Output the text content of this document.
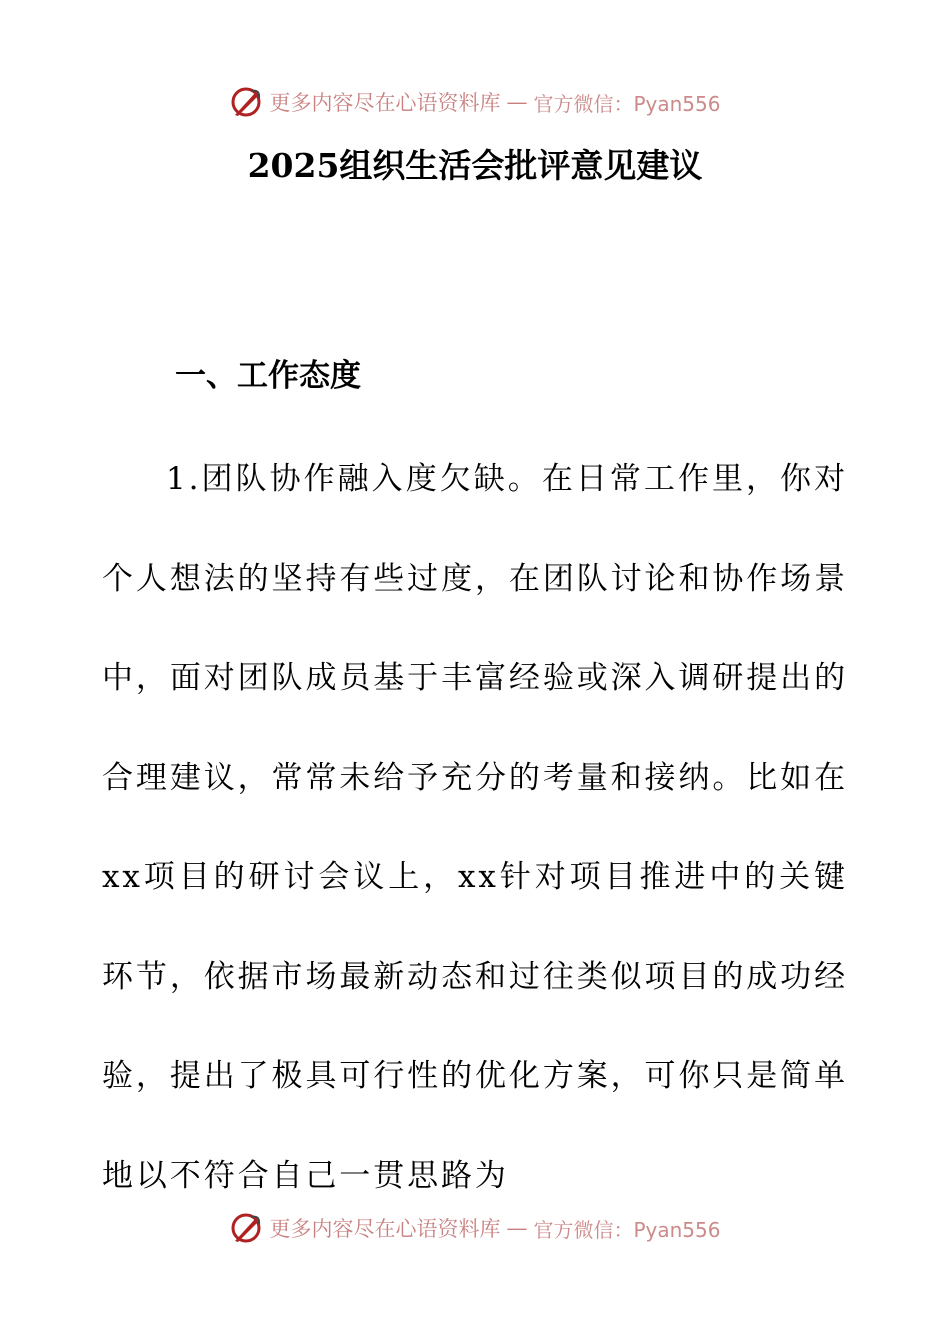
更多内容尽在心语资料库 — 官方微信：Pyan556
2025组织生活会批评意见建议
一、工作态度

1.团队协作融入度欠缺。在日常工作里，你对个人想法的坚持有些过度，在团队讨论和协作场景中，面对团队成员基于丰富经验或深入调研提出的合理建议，常常未给予充分的考量和接纳。比如在xx项目的研讨会议上，xx针对项目推进中的关键环节，依据市场最新动态和过往类似项目的成功经验，提出了极具可行性的优化方案，可你只是简单地以不符合自己一贯思路为

更多内容尽在心语资料库 — 官方微信：Pyan556
